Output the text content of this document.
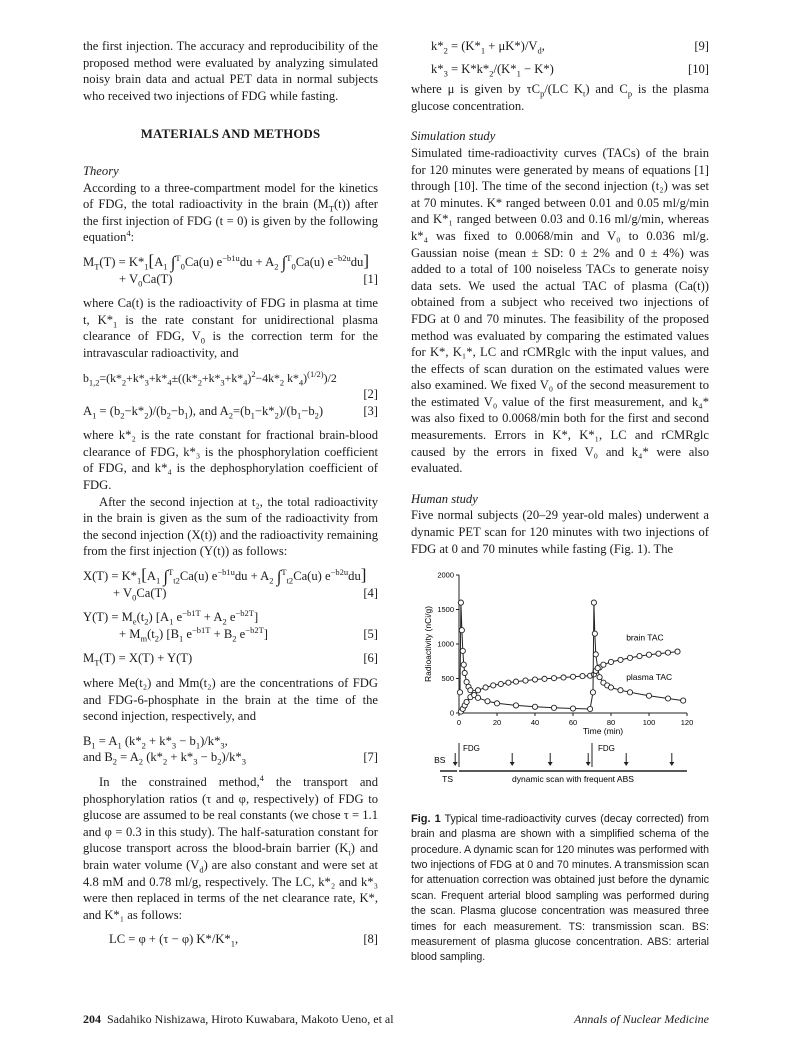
the first injection. The accuracy and reproducibility of the proposed method were evaluated by analyzing simulated noisy brain data and actual PET data in normal subjects who received two injections of FDG while fasting.

MATERIALS AND METHODS

Theory

According to a three-compartment model for the kinetics of FDG, the total radioactivity in the brain $(M_T(t))$ after the first injection of FDG (t = 0) is given by the following equation$^4$:

$M_T(T) = K*_1[A_1$ ∫$^T_0$Ca(u) $e^{-b1u}du + A_2$ ∫$^T_0$Ca(u) $e^{-b2u}du$]
+ $V_0Ca(T)$	[1]

where Ca(t) is the radioactivity of FDG in plasma at time t, $K*_1$ is the rate constant for unidirectional plasma clearance of FDG, $V_0$ is the correction term for the intravascular radioactivity, and

$b_{1,2}=(k*_2+k*_3+k*_4\pm((k*_2+k*_3+k*_4)^2-4k*_2$ $k*_4)^{(1/2)})/2$
[2]
$A_1 = (b_2-k*_2)/(b_2-b_1)$, and $A_2=(b_1-k*_2)/(b_1-b_2)$	[3]

where k*₂ is the rate constant for fractional brain-blood clearance of FDG, k*₃ is the phosphorylation coefficient of FDG, and k*₄ is the dephosphorylation coefficient of FDG.

After the second injection at t₂, the total radioactivity in the brain is given as the sum of the radioactivity from the second injection (X(t)) and the radioactivity remaining from the first injection (Y(t)) as follows:

$X(T) = K*_1[A_1$ ∫$^T_{t2}$Ca(u) $e^{-b1u}du + A_2$ ∫$^T_{t2}$Ca(u) $e^{-b2u}du$]
+ $V_0Ca(T)$	[4]
$Y(T) = M_e(t_2)$ [$A_1$ $e^{-b1T} + A_2$ $e^{-b2T}$]
+ $M_m(t_2)$ [$B_1$ $e^{-b1T} + B_2$ $e^{-b2T}$]	[5]
$M_T(T) = X(T) + Y(T)$	[6]

where Me(t₂) and Mm(t₂) are the concentrations of FDG and FDG-6-phosphate in the brain at the time of the second injection, respectively, and

$B_1 = A_1$ $(k*_2 + k*_3 - b_1)/k*_3$,
and $B_2 = A_2$ $(k*_2 + k*_3 - b_2)/k*_3$	[7]

In the constrained method,$^4$ the transport and phosphorylation ratios (τ and φ, respectively) of FDG to glucose are assumed to be real constants (we chose τ = 1.1 and φ = 0.3 in this study). The half-saturation constant for glucose transport across the blood-brain barrier $(K_t)$ and brain water volume $(V_d)$ are also constant and were set at 4.8 mM and 0.78 ml/g, respectively. The LC, k*₂ and k*₃ were then replaced in terms of the net clearance rate, K*, and K*₁ as follows:

LC = φ + (τ − φ) $K*/K*_1$,	[8]
$k*_2 = (K*_1 + \mu K*)/V_d$,	[9]
$k*_3 = K*k*_2/(K*_1 - K*)$	[10]

where μ is given by $\tau C_p/(LC$ $K_t$) and $C_p$ is the plasma glucose concentration.

Simulation study

Simulated time-radioactivity curves (TACs) of the brain for 120 minutes were generated by means of equations [1] through [10]. The time of the second injection (t₂) was set at 70 minutes. K* ranged between 0.01 and 0.05 ml/g/min and K*₁ ranged between 0.03 and 0.16 ml/g/min, whereas k*₄ was fixed to 0.0068/min and V₀ to 0.036 ml/g. Gaussian noise (mean ± SD: 0 ± 2% and 0 ± 4%) was added to a total of 100 noiseless TACs to generate noisy data sets. We used the actual TAC of plasma (Ca(t)) obtained from a subject who received two injections of FDG at 0 and 70 minutes. The feasibility of the proposed method was evaluated by comparing the estimated values for K*, K₁*, LC and rCMRglc with the input values, and the effects of scan duration on the estimated values were also examined. We fixed V₀ of the second measurement to the estimated V₀ value of the first measurement, and k₄* was also fixed to 0.0068/min both for the first and second measurements. Errors in K*, K*₁, LC and rCMRglc caused by the errors in fixed V₀ and k₄* were also evaluated.

Human study

Five normal subjects (20–29 year-old males) underwent a dynamic PET scan for 120 minutes with two injections of FDG at 0 and 70 minutes while fasting (Fig. 1). The

0	20	40	60	80	100	120
0
500
1000
1500
2000
Time (min)
Radioactivity (nCi/g)	brain TAC
plasma TAC
BS
FDG	FDG
TS	dynamic scan with frequent ABS

Fig. 1 Typical time-radioactivity curves (decay corrected) from brain and plasma are shown with a simplified schema of the procedure. A dynamic scan for 120 minutes was performed with two injections of FDG at 0 and 70 minutes. A transmission scan for attenuation correction was obtained just before the dynamic scan. Frequent arterial blood sampling was performed during the scan. Plasma glucose concentration was measured three times for each measurement. TS: transmission scan. BS: measurement of plasma glucose concentration. ABS: arterial blood sampling.

204 Sadahiko Nishizawa, Hiroto Kuwabara, Makoto Ueno, et al	Annals of Nuclear Medicine
